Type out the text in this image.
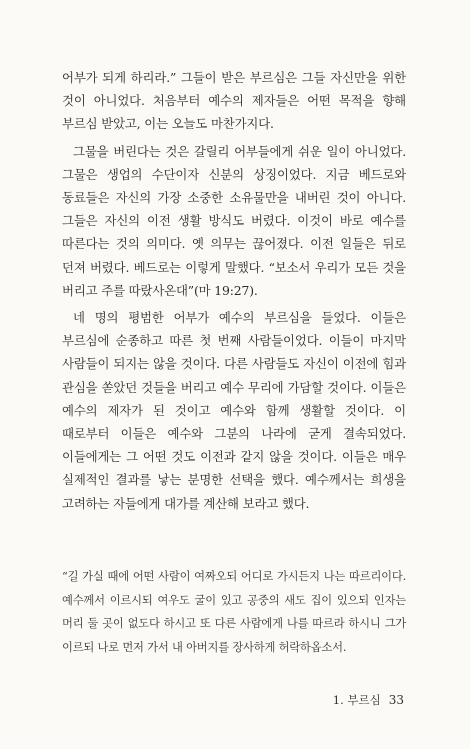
어부가 되게 하리라.” 그들이 받은 부르심은 그들 자신만을 위한 것이 아니었다. 처음부터 예수의 제자들은 어떤 목적을 향해 부르심 받았고, 이는 오늘도 마찬가지다.

그물을 버린다는 것은 갈릴리 어부들에게 쉬운 일이 아니었다. 그물은 생업의 수단이자 신분의 상징이었다. 지금 베드로와 동료들은 자신의 가장 소중한 소유물만을 내버린 것이 아니다. 그들은 자신의 이전 생활 방식도 버렸다. 이것이 바로 예수를 따른다는 것의 의미다. 옛 의무는 끊어졌다. 이전 일들은 뒤로 던져 버렸다. 베드로는 이렇게 말했다. “보소서 우리가 모든 것을 버리고 주를 따랐사온대”(마 19:27).

네 명의 평범한 어부가 예수의 부르심을 들었다. 이들은 부르심에 순종하고 따른 첫 번째 사람들이었다. 이들이 마지막 사람들이 되지는 않을 것이다. 다른 사람들도 자신이 이전에 힘과 관심을 쏟았던 것들을 버리고 예수 무리에 가담할 것이다. 이들은 예수의 제자가 된 것이고 예수와 함께 생활할 것이다. 이 때로부터 이들은 예수와 그분의 나라에 굳게 결속되었다. 이들에게는 그 어떤 것도 이전과 같지 않을 것이다. 이들은 매우 실제적인 결과를 낳는 분명한 선택을 했다. 예수께서는 희생을 고려하는 자들에게 대가를 계산해 보라고 했다.

“길 가실 때에 어떤 사람이 여짜오되 어디로 가시든지 나는 따르리이다. 예수께서 이르시되 여우도 굴이 있고 공중의 새도 집이 있으되 인자는 머리 둘 곳이 없도다 하시고 또 다른 사람에게 나를 따르라 하시니 그가 이르되 나로 먼저 가서 내 아버지를 장사하게 허락하옵소서.

1. 부르심 33
